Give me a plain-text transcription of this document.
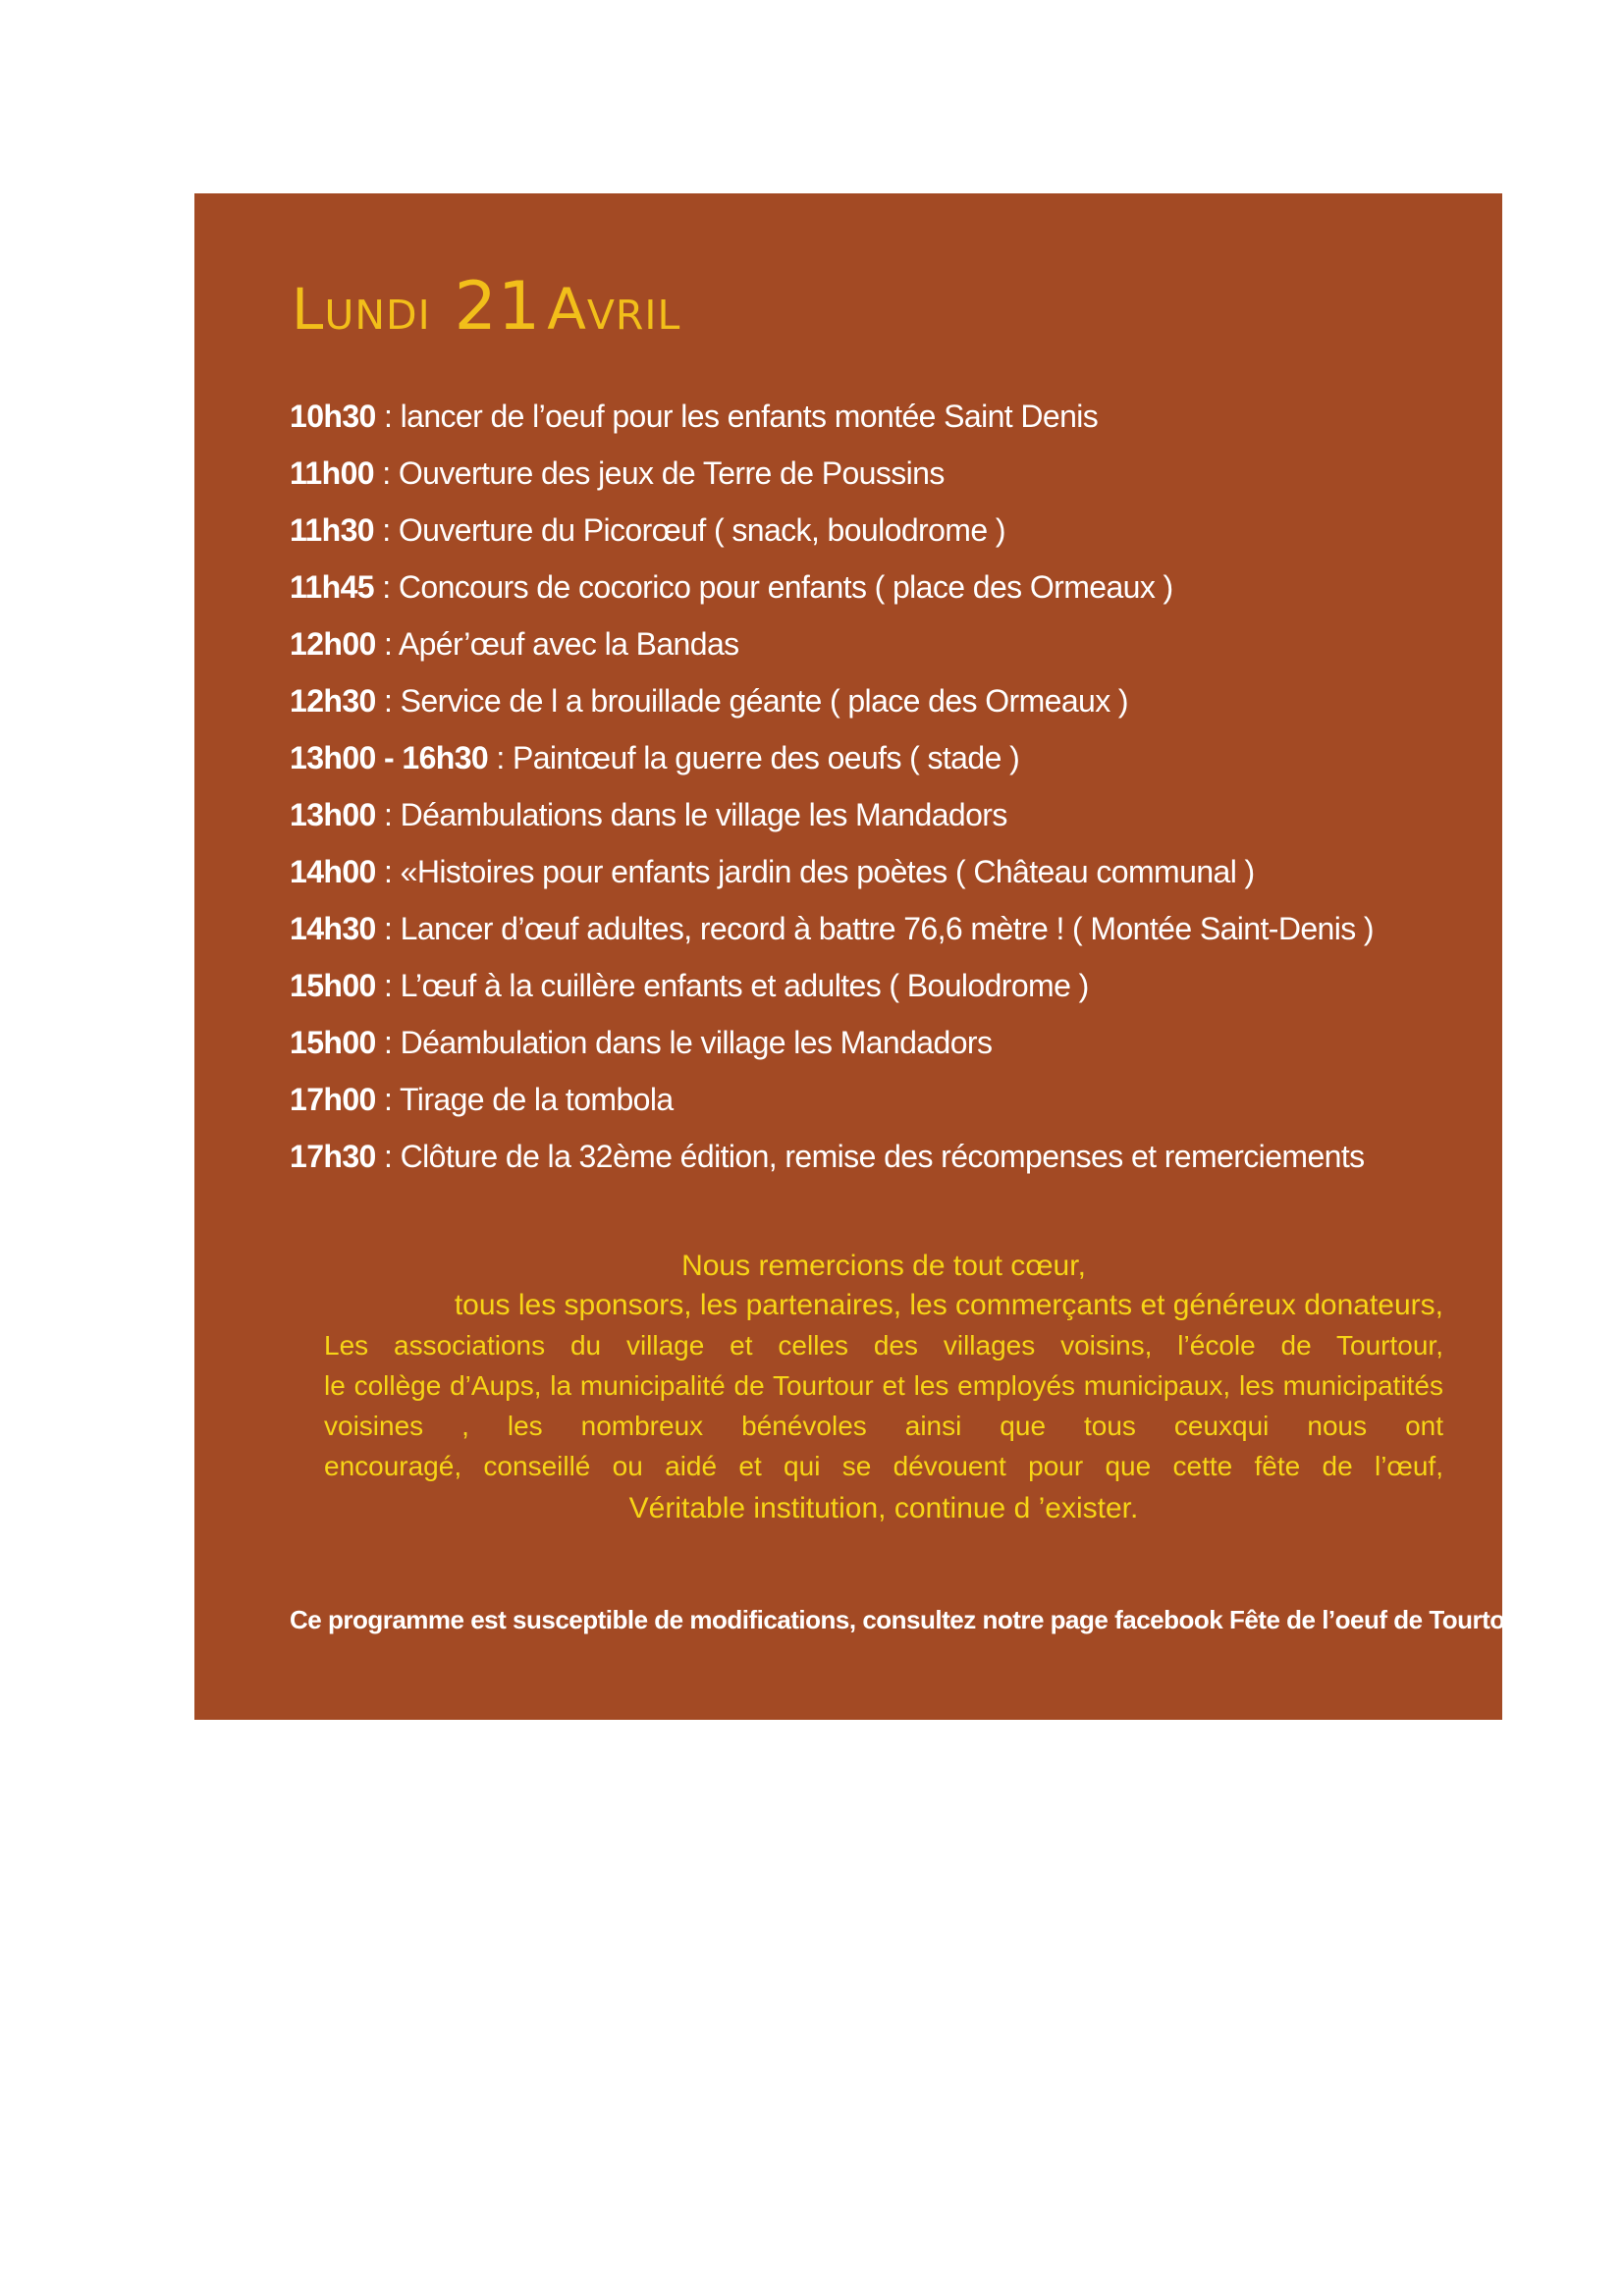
Lundi 21 Avril
10h30 : lancer de l’oeuf pour les enfants montée Saint Denis
11h00 : Ouverture des jeux de Terre de Poussins
11h30 : Ouverture du Picorœuf ( snack, boulodrome )
11h45 : Concours de cocorico pour enfants ( place des Ormeaux )
12h00 : Apér’œuf avec la Bandas
12h30 : Service de l a brouillade géante ( place des Ormeaux )
13h00 - 16h30 : Paintœuf la guerre des oeufs ( stade )
13h00 : Déambulations dans le village les Mandadors
14h00 : «Histoires pour enfants jardin des poètes ( Château communal )
14h30 : Lancer d’œuf adultes, record à battre 76,6 mètre ! ( Montée Saint-Denis )
15h00 : L’œuf à la cuillère enfants et adultes ( Boulodrome )
15h00 : Déambulation dans le village les Mandadors
17h00 : Tirage de la tombola
17h30 : Clôture de la 32ème édition, remise des récompenses et remerciements
Nous remercions de tout cœur,
tous les sponsors, les partenaires, les commerçants et généreux donateurs,
Les associations du village et celles des villages voisins, l’école de Tourtour,
le collège d’Aups, la municipalité de Tourtour et les employés municipaux, les municipatités
voisines , les nombreux bénévoles ainsi que tous ceuxqui nous ont
encouragé, conseillé ou aidé et qui se dévouent pour que cette fête de l’œuf,
Véritable institution, continue d ’exister.
Ce programme est susceptible de modifications, consultez notre page facebook Fête de l’oeuf de Tourtour
